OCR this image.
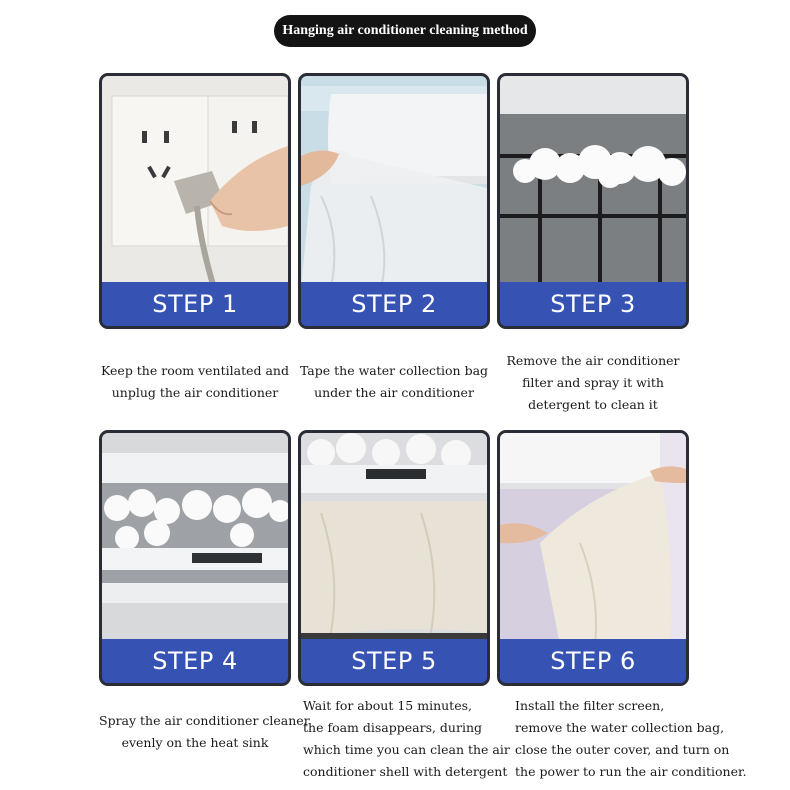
Hanging air conditioner cleaning method
STEP 1	STEP 2	STEP 3
STEP 4	STEP 5	STEP 6
Keep the room ventilated and
unplug the air conditioner
Tape the water collection bag
under the air conditioner
Remove the air conditioner
filter and spray it with
detergent to clean it
Spray the air conditioner cleaner
evenly on the heat sink
Wait for about 15 minutes,
the foam disappears, during
which time you can clean the air
conditioner shell with detergent
Install the filter screen,
remove the water collection bag,
close the outer cover, and turn on
the power to run the air conditioner.
